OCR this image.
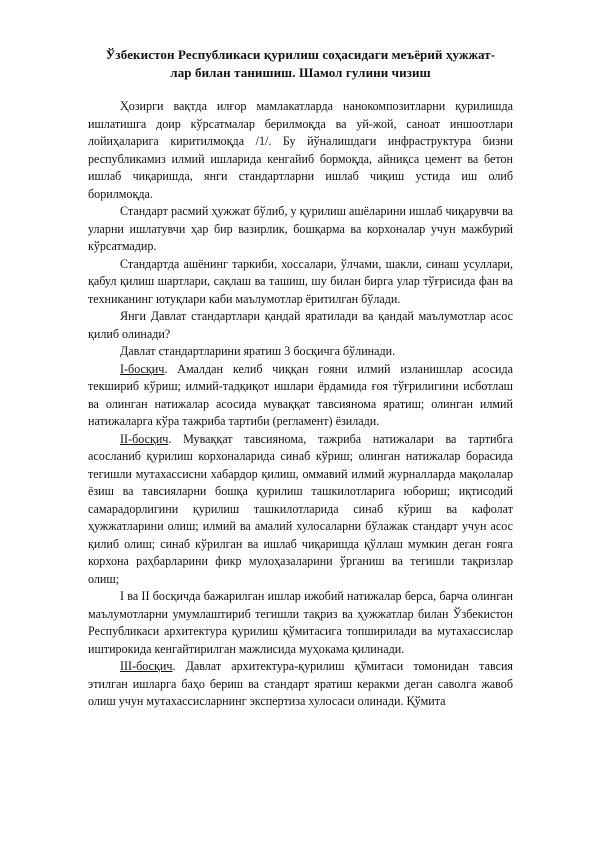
Ўзбекистон Республикаси қурилиш соҳасидаги меъёрий ҳужжат-
лар билан танишиш. Шамол гулини чизиш

Ҳозирги вақтда илғор мамлакатларда нанокомпозитларни қурилишда ишлатишга доир кўрсатмалар берилмоқда ва уй-жой, саноат иншоотлари лойиҳаларига киритилмоқда /1/. Бу йўналишдаги инфраструктура бизни республикамиз илмий ишларида кенгайиб бормоқда, айниқса цемент ва бетон ишлаб чиқаришда, янги стандартларни ишлаб чиқиш устида иш олиб борилмоқда.

Стандарт расмий ҳужжат бўлиб, у қурилиш ашёларини ишлаб чиқарувчи ва уларни ишлатувчи ҳар бир вазирлик, бошқарма ва корхоналар учун мажбурий кўрсатмадир.

Стандартда ашёнинг таркиби, хоссалари, ўлчами, шакли, синаш усуллари, қабул қилиш шартлари, сақлаш ва ташиш, шу билан бирга улар тўғрисида фан ва техниканинг ютуқлари каби маълумотлар ёритилган бўлади.

Янги Давлат стандартлари қандай яратилади ва қандай маълумотлар асос қилиб олинади?

Давлат стандартларини яратиш 3 босқичга бўлинади.

I-босқич. Амалдан келиб чиққан ғояни илмий изланишлар асосида текшириб кўриш; илмий-тадқиқот ишлари ёрдамида ғоя тўғрилигини исботлаш ва олинган натижалар асосида муваққат тавсиянома яратиш; олинган илмий натижаларга кўра тажриба тартиби (регламент) ёзилади.

II-босқич. Муваққат тавсиянома, тажриба натижалари ва тартибга асосланиб қурилиш корхоналарида синаб кўриш; олинган натижалар борасида тегишли мутахассисни хабардор қилиш, оммавий илмий журналларда мақолалар ёзиш ва тавсияларни бошқа қурилиш ташкилотларига юбориш; иқтисодий самарадорлигини қурилиш ташкилотларида синаб кўриш ва кафолат ҳужжатларини олиш; илмий ва амалий хулосаларни бўлажак стандарт учун асос қилиб олиш; синаб кўрилган ва ишлаб чиқаришда қўллаш мумкин деган ғояга корхона раҳбарларини фикр мулоҳазаларини ўрганиш ва тегишли тақризлар олиш;

I ва II босқичда бажарилган ишлар ижобий натижалар берса, барча олинган маълумотларни умумлаштириб тегишли тақриз ва ҳужжатлар билан Ўзбекистон Республикаси архитектура қурилиш қўмитасига топширилади ва мутахассислар иштирокида кенгайтирилган мажлисида муҳокама қилинади.

III-босқич. Давлат архитектура-қурилиш қўмитаси томонидан тавсия этилган ишларга баҳо бериш ва стандарт яратиш керакми деган саволга жавоб олиш учун мутахассисларнинг экспертиза хулосаси олинади. Қўмита
